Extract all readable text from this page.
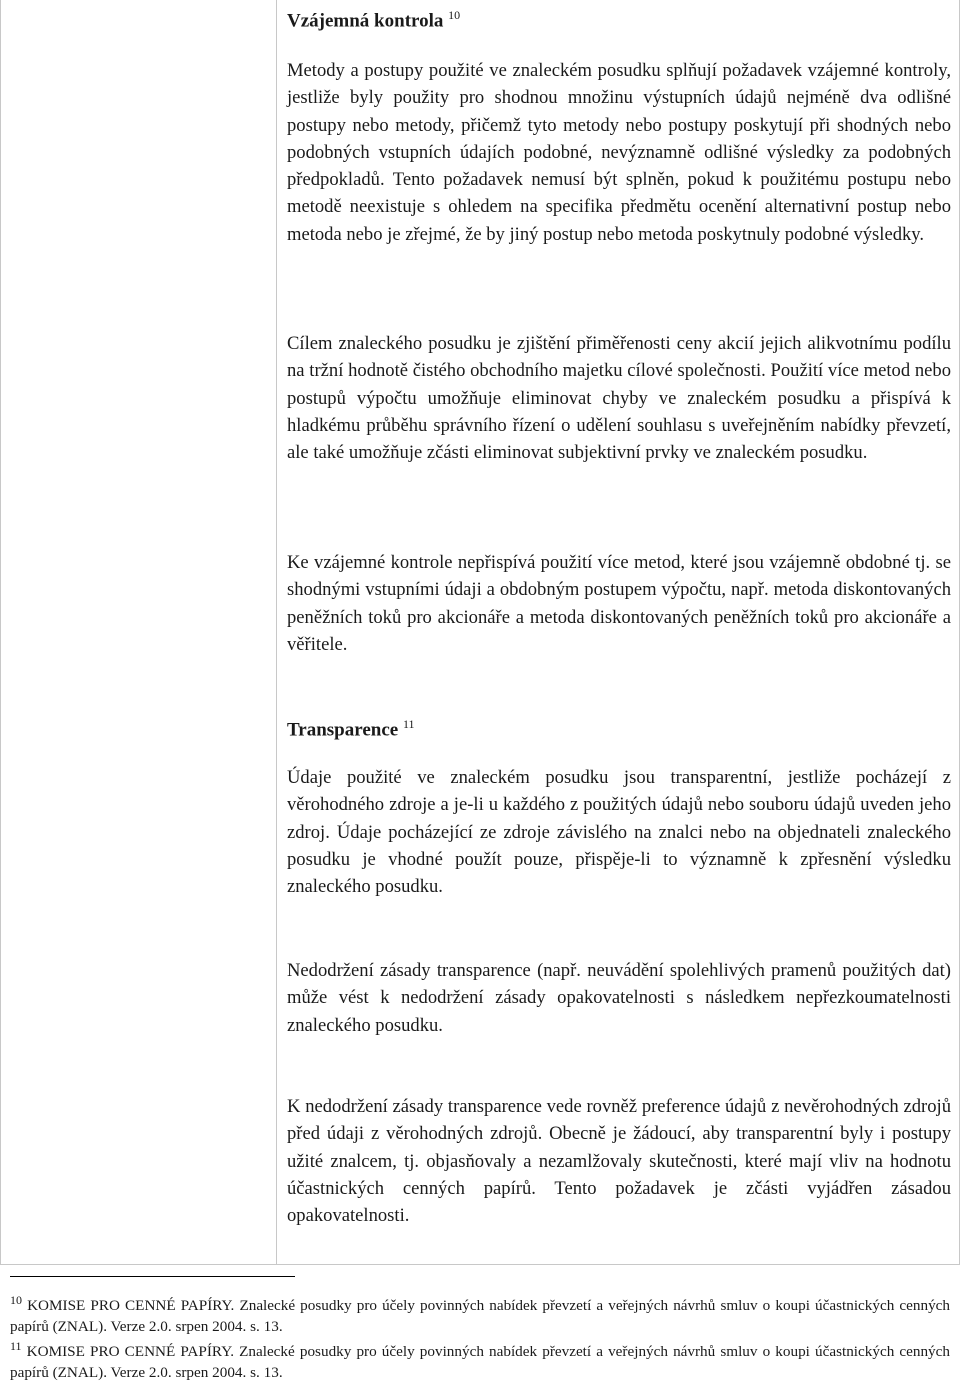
Vzájemná kontrola $^{10}$

Metody a postupy použité ve znaleckém posudku splňují požadavek vzájemné kontroly, jestliže byly použity pro shodnou množinu výstupních údajů nejméně dva odlišné postupy nebo metody, přičemž tyto metody nebo postupy poskytují při shodných nebo podobných vstupních údajích podobné, nevýznamně odlišné výsledky za podobných předpokladů. Tento požadavek nemusí být splněn, pokud k použitému postupu nebo metodě neexistuje s ohledem na specifika předmětu ocenění alternativní postup nebo metoda nebo je zřejmé, že by jiný postup nebo metoda poskytnuly podobné výsledky.

Cílem znaleckého posudku je zjištění přiměřenosti ceny akcií jejich alikvotnímu podílu na tržní hodnotě čistého obchodního majetku cílové společnosti. Použití více metod nebo postupů výpočtu umožňuje eliminovat chyby ve znaleckém posudku a přispívá k hladkému průběhu správního řízení o udělení souhlasu s uveřejněním nabídky převzetí, ale také umožňuje zčásti eliminovat subjektivní prvky ve znaleckém posudku.

Ke vzájemné kontrole nepřispívá použití více metod, které jsou vzájemně obdobné tj. se shodnými vstupními údaji a obdobným postupem výpočtu, např. metoda diskontovaných peněžních toků pro akcionáře a metoda diskontovaných peněžních toků pro akcionáře a věřitele.

Transparence $^{11}$

Údaje použité ve znaleckém posudku jsou transparentní, jestliže pocházejí z věrohodného zdroje a je-li u každého z použitých údajů nebo souboru údajů uveden jeho zdroj. Údaje pocházející ze zdroje závislého na znalci nebo na objednateli znaleckého posudku je vhodné použít pouze, přispěje-li to významně k zpřesnění výsledku znaleckého posudku.

Nedodržení zásady transparence (např. neuvádění spolehlivých pramenů použitých dat) může vést k nedodržení zásady opakovatelnosti s následkem nepřezkoumatelnosti znaleckého posudku.

K nedodržení zásady transparence vede rovněž preference údajů z nevěrohodných zdrojů před údaji z věrohodných zdrojů. Obecně je žádoucí, aby transparentní byly i postupy užité znalcem, tj. objasňovaly a nezamlžovaly skutečnosti, které mají vliv na hodnotu účastnických cenných papírů. Tento požadavek je zčásti vyjádřen zásadou opakovatelnosti.

$^{10}$ KOMISE PRO CENNÉ PAPÍRY. Znalecké posudky pro účely povinných nabídek převzetí a veřejných návrhů smluv o koupi účastnických cenných papírů (ZNAL). Verze 2.0. srpen 2004. s. 13.

$^{11}$ KOMISE PRO CENNÉ PAPÍRY. Znalecké posudky pro účely povinných nabídek převzetí a veřejných návrhů smluv o koupi účastnických cenných papírů (ZNAL). Verze 2.0. srpen 2004. s. 13.
